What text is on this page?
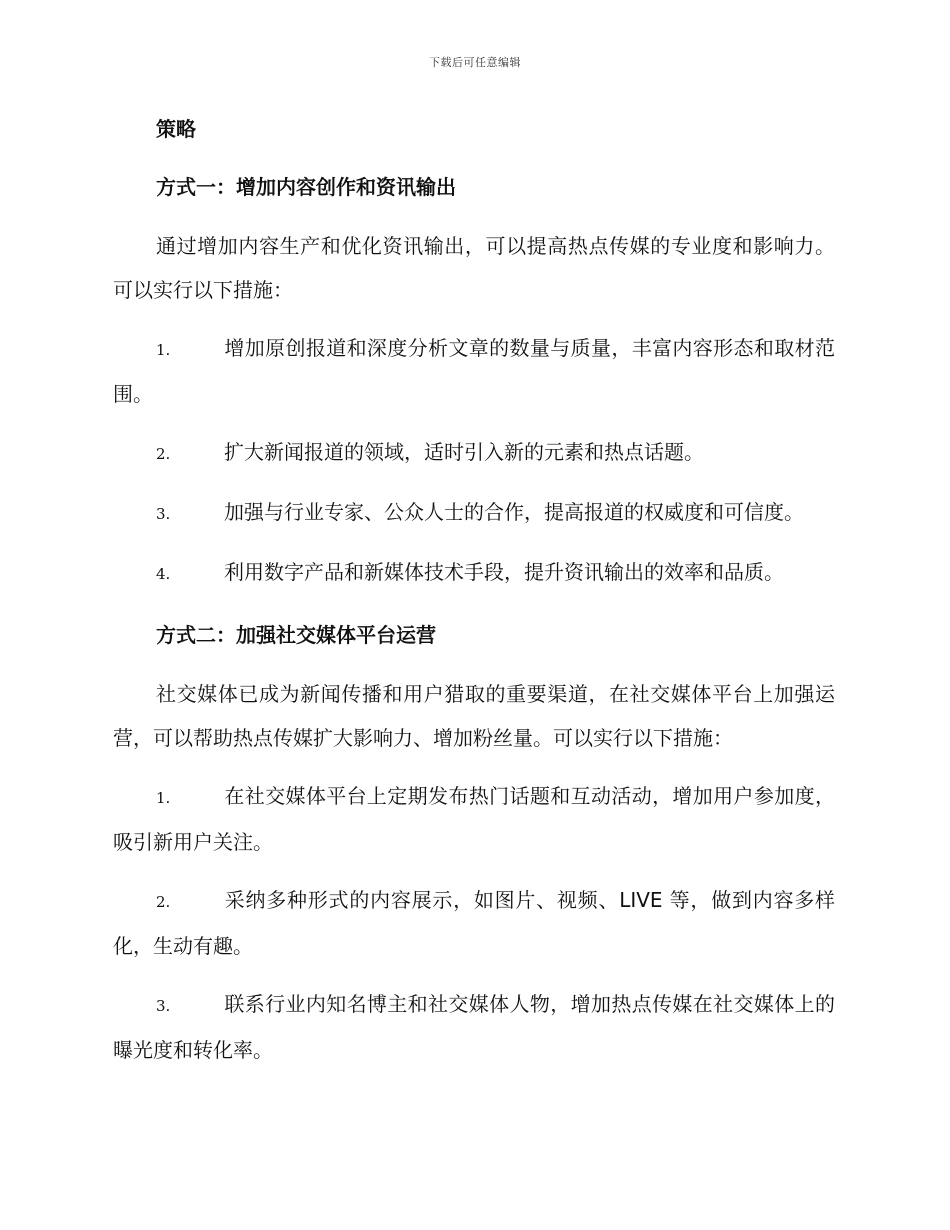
下载后可任意编辑
策略
方式一：增加内容创作和资讯输出

通过增加内容生产和优化资讯输出，可以提高热点传媒的专业度和影响力。可以实行以下措施：

1.	增加原创报道和深度分析文章的数量与质量，丰富内容形态和取材范围。

2.	扩大新闻报道的领域，适时引入新的元素和热点话题。

3.	加强与行业专家、公众人士的合作，提高报道的权威度和可信度。

4.	利用数字产品和新媒体技术手段，提升资讯输出的效率和品质。

方式二：加强社交媒体平台运营

社交媒体已成为新闻传播和用户猎取的重要渠道，在社交媒体平台上加强运营，可以帮助热点传媒扩大影响力、增加粉丝量。可以实行以下措施：

1.	在社交媒体平台上定期发布热门话题和互动活动，增加用户参加度，吸引新用户关注。

2.	采纳多种形式的内容展示，如图片、视频、LIVE 等，做到内容多样化，生动有趣。

3.	联系行业内知名博主和社交媒体人物，增加热点传媒在社交媒体上的曝光度和转化率。
